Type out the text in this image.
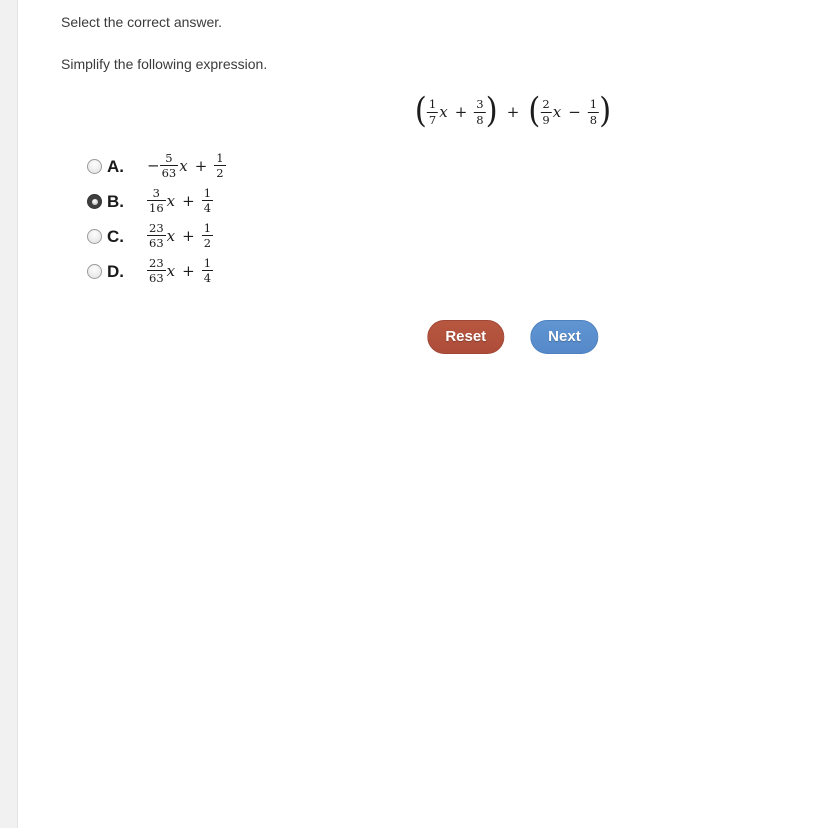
Select the correct answer.
Simplify the following expression.
( $\frac{1}{7}$ $x + \frac{3}{8}$ ) + ( $\frac{2}{9}$ $x - \frac{1}{8}$ )
A.	− $\frac{5}{63}$ $x + \frac{1}{2}$
B.	$\frac{3}{16}$ $x + \frac{1}{4}$
C.	$\frac{23}{63}$ $x + \frac{1}{2}$
D.	$\frac{23}{63}$ $x + \frac{1}{4}$
Reset	Next
